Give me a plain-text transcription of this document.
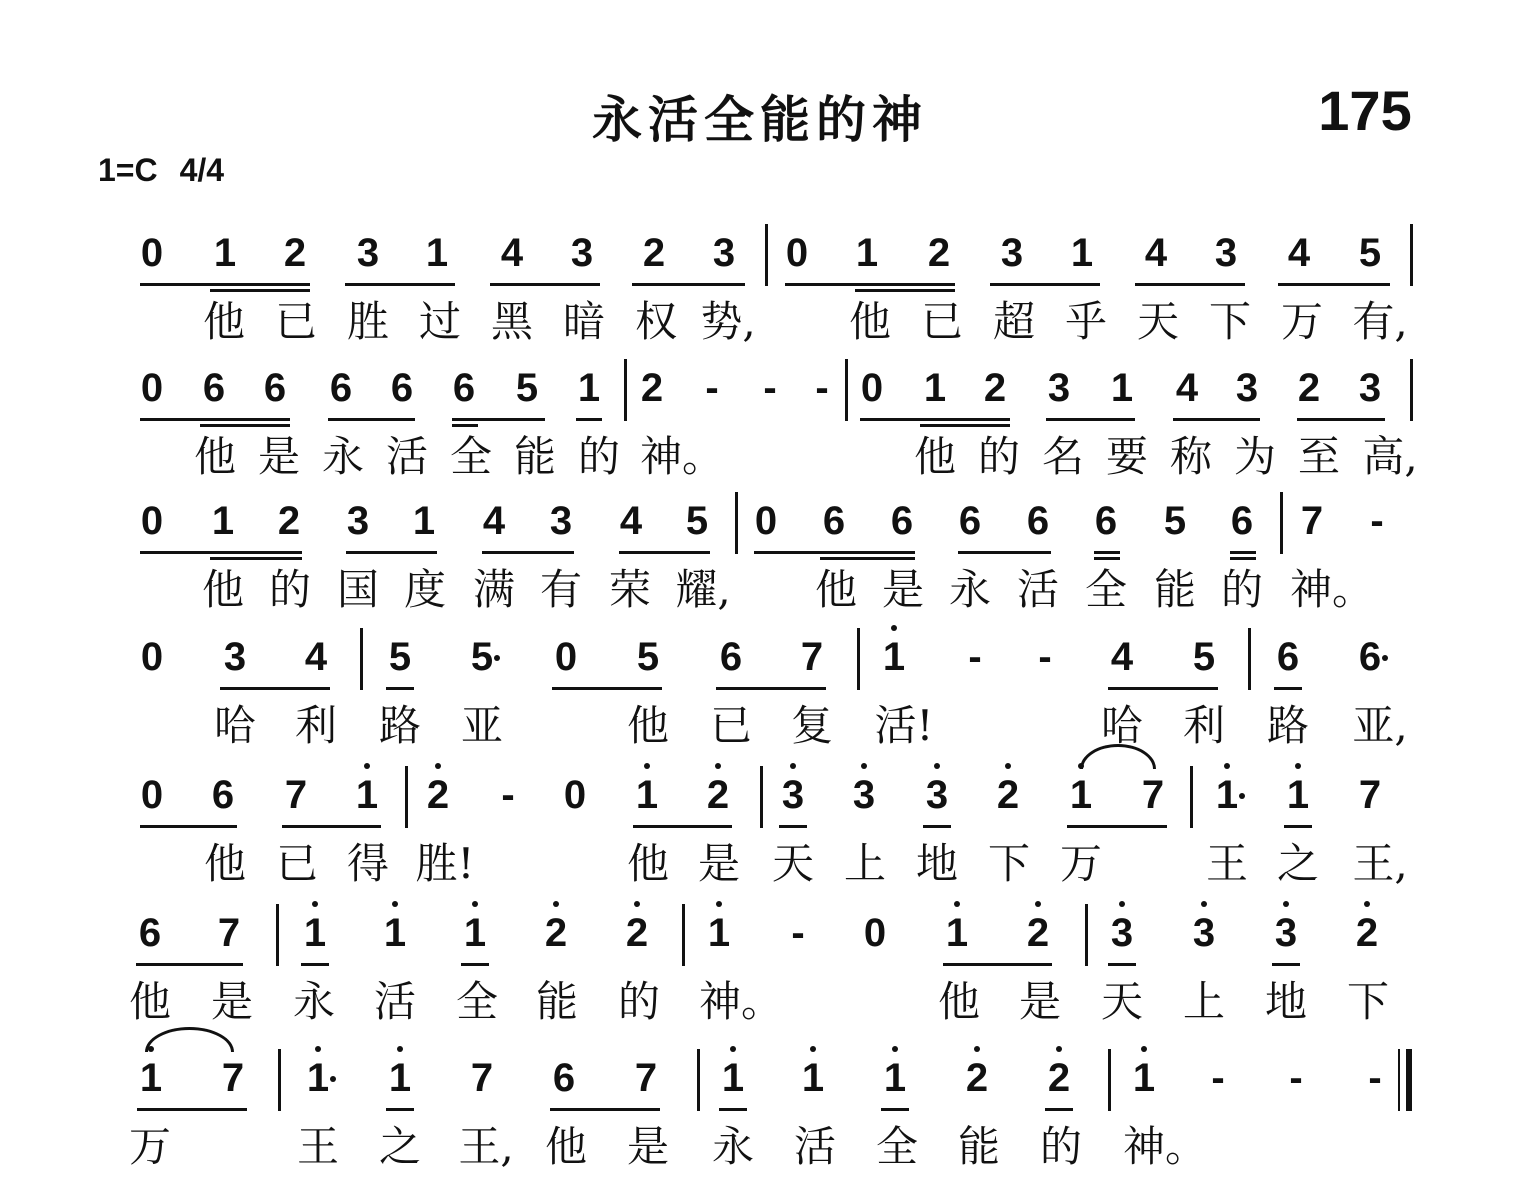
永活全能的神	175
1=C 4/4
0 1 2 3 1 4 3 2 3 0 1 2 3 1 4 3 4 5
他 已 胜 过 黑 暗 权 势, 他 已 超 乎 天 下 万 有,
0 6 6 6 6 6 5 1 2	-	- - 0 1 2 3 1 4 3 2 3
他 是 永 活 全 能 的 神。	他 的 名 要 称 为 至 高,
0 1 2 3 1 4 3 4 5 0 6 6 6 6 6 5 6 7	-
他 的 国 度 满 有 荣 耀, 他 是 永 活 全 能 的 神。
0 3 4 5 5 0 5 6 7 1	-	-	4 5 6 6
哈 利 路 亚	他 已 复 活!	哈 利 路 亚,
0 6 7 1 2	-	0 1 2 3 3 3 2 1 7 1 1 7
他 已 得 胜!	他 是 天 上 地 下 万 王 之 王,
6 7 1 1 1 2 2 1	-	0 1 2 3 3 3 2
他 是 永 活 全 能 的 神。	他 是 天 上 地 下
1 7 1 1 7 6 7 1 1 1 2 2 1	-	-	-
万	王 之 王, 他 是 永 活 全 能 的 神。
